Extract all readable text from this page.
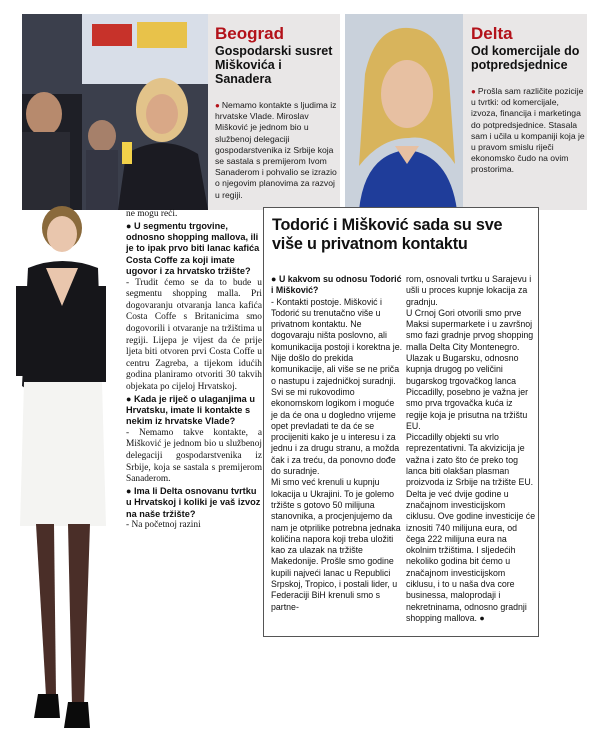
Beograd
Gospodarski susret Miškovića i Sanadera
● Nemamo kontakte s ljudima iz hrvatske Vlade. Miroslav Mišković je jednom bio u službenoj delegaciji gospodarstvenika iz Srbije koja se sastala s premijerom Ivom Sanaderom i pohvalio se izrazio o njegovim planovima za razvoj u regiji.
Delta
Od komercijale do potpredsjednice
● Prošla sam različite pozicije u tvrtki: od komercijale, izvoza, financija i marketinga do potpredsjednice. Stasala sam i učila u kompaniji koja je u pravom smislu riječi ekonomsko čudo na ovim prostorima.

ne mogu reći.

● U segmentu trgovine, odnosno shopping mallova, ili je to ipak prvo biti lanac kafića Costa Coffe za koji imate ugovor i za hrvatsko tržište?

- Trudit ćemo se da to bude u segmentu shopping malla. Pri dogovaranju otvaranja lanca kafića Costa Coffe s Britanicima smo dogovorili i otvaranje na tržištima u regiji. Lijepa je vijest da će prije ljeta biti otvoren prvi Costa Coffe u centru Zagreba, a tijekom idućih godina planiramo otvoriti 30 takvih objekata po cijeloj Hrvatskoj.

● Kada je riječ o ulaganjima u Hrvatsku, imate li kontakte s nekim iz hrvatske Vlade?

- Nemamo takve kontakte, a Mišković je jednom bio u službenoj delegaciji gospodarstvenika iz Srbije, koja se sastala s premijerom Sanaderom.

● Ima li Delta osnovanu tvrtku u Hrvatskoj i koliki je vaš izvoz na naše tržište?

- Na početnoj razini

Todorić i Mišković sada su sve više u privatnom kontaktu

● U kakvom su odnosu Todorić i Mišković?

- Kontakti postoje. Mišković i Todorić su trenutačno više u privatnom kontaktu. Ne dogovaraju ništa poslovno, ali komunikacija postoji i korektna je. Nije došlo do prekida komunikacije, ali više se ne priča o nastupu i zajedničkoj suradnji. Svi se mi rukovodimo ekonomskom logikom i moguće je da će ona u dogledno vrijeme opet prevladati te da će se procijeniti kako je u interesu i za jednu i za drugu stranu, a možda čak i za treću, da ponovno dođe do suradnje.

Mi smo već krenuli u kupnju lokacija u Ukrajini. To je golemo tržište s gotovo 50 milijuna stanovnika, a procjenjujemo da nam je otprilike potrebna jednaka količina napora koji treba uložiti kao za ulazak na tržište Makedonije. Prošle smo godine kupili najveći lanac u Republici Srpskoj, Tropico, i postali lider, u Federaciji BiH krenuli smo s partne-

rom, osnovali tvrtku u Sarajevu i ušli u proces kupnje lokacija za gradnju.

U Crnoj Gori otvorili smo prve Maksi supermarkete i u završnoj smo fazi gradnje prvog shopping malla Delta City Montenegro. Ulazak u Bugarsku, odnosno kupnja drugog po veličini bugarskog trgovačkog lanca Piccadilly, posebno je važna jer smo prva trgovačka kuća iz regije koja je prisutna na tržištu EU.

Piccadilly objekti su vrlo reprezentativni. Ta akvizicija je važna i zato što će preko tog lanca biti olakšan plasman proizvoda iz Srbije na tržište EU. Delta je već dvije godine u značajnom investicijskom ciklusu. Ove godine investicije će iznositi 740 milijuna eura, od čega 222 milijuna eura na okolnim tržištima. I sljedećih nekoliko godina bit ćemo u značajnom investicijskom ciklusu, i to u naša dva core businessa, maloprodaji i nekretninama, odnosno gradnji shopping mallova. ●
